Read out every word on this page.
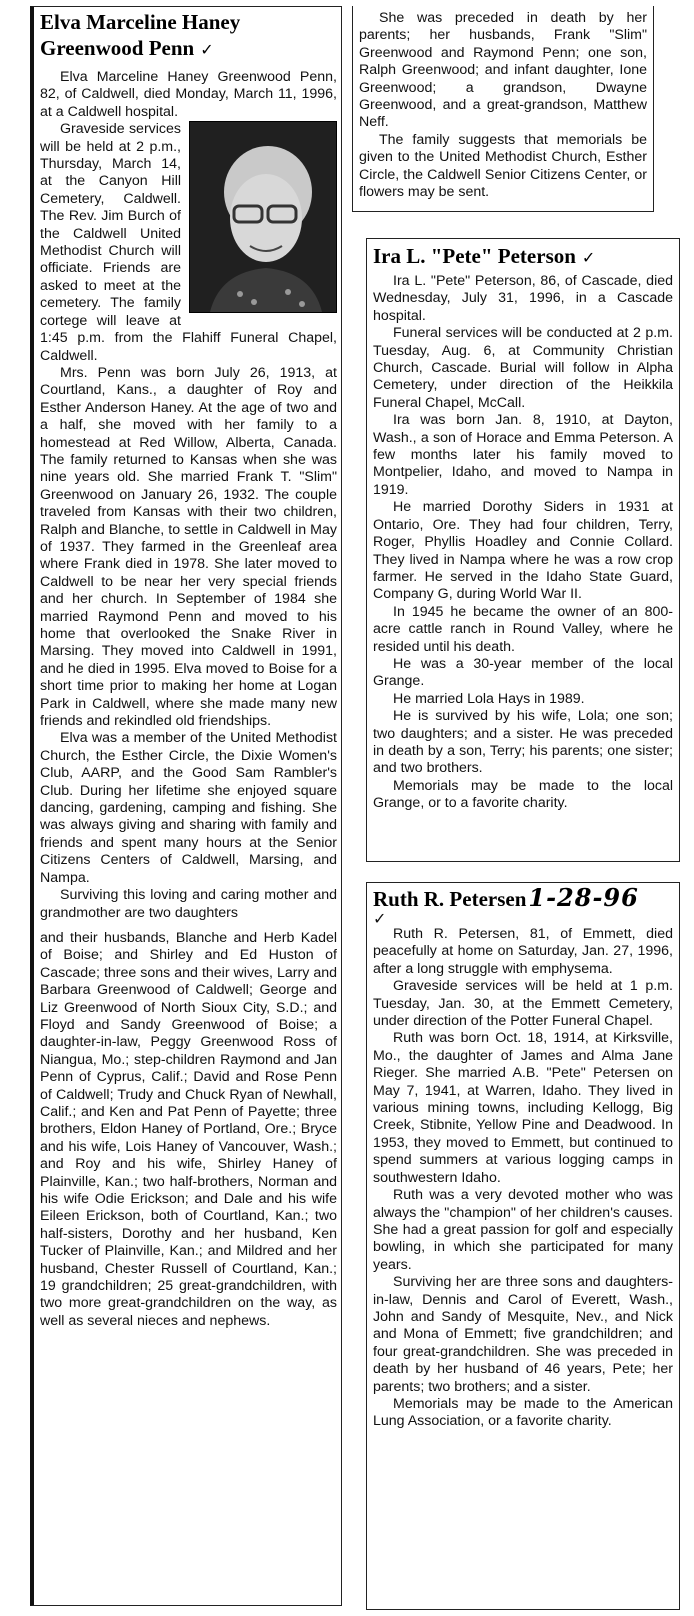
Elva Marceline Haney Greenwood Penn ✓

Elva Marceline Haney Greenwood Penn, 82, of Caldwell, died Monday, March 11, 1996, at a Caldwell hospital.

Graveside services will be held at 2 p.m., Thursday, March 14, at the Canyon Hill Cemetery, Caldwell. The Rev. Jim Burch of the Caldwell United Methodist Church will officiate. Friends are asked to meet at the cemetery. The family cortege will leave at 1:45 p.m. from the Flahiff Funeral Chapel, Caldwell.

Mrs. Penn was born July 26, 1913, at Courtland, Kans., a daughter of Roy and Esther Anderson Haney. At the age of two and a half, she moved with her family to a homestead at Red Willow, Alberta, Canada. The family returned to Kansas when she was nine years old. She married Frank T. "Slim" Greenwood on January 26, 1932. The couple traveled from Kansas with their two children, Ralph and Blanche, to settle in Caldwell in May of 1937. They farmed in the Greenleaf area where Frank died in 1978. She later moved to Caldwell to be near her very special friends and her church. In September of 1984 she married Raymond Penn and moved to his home that overlooked the Snake River in Marsing. They moved into Caldwell in 1991, and he died in 1995. Elva moved to Boise for a short time prior to making her home at Logan Park in Caldwell, where she made many new friends and rekindled old friendships.

Elva was a member of the United Methodist Church, the Esther Circle, the Dixie Women's Club, AARP, and the Good Sam Rambler's Club. During her lifetime she enjoyed square dancing, gardening, camping and fishing. She was always giving and sharing with family and friends and spent many hours at the Senior Citizens Centers of Caldwell, Marsing, and Nampa.

Surviving this loving and caring mother and grandmother are two daughters

and their husbands, Blanche and Herb Kadel of Boise; and Shirley and Ed Huston of Cascade; three sons and their wives, Larry and Barbara Greenwood of Caldwell; George and Liz Greenwood of North Sioux City, S.D.; and Floyd and Sandy Greenwood of Boise; a daughter-in-law, Peggy Greenwood Ross of Niangua, Mo.; step-children Raymond and Jan Penn of Cyprus, Calif.; David and Rose Penn of Caldwell; Trudy and Chuck Ryan of Newhall, Calif.; and Ken and Pat Penn of Payette; three brothers, Eldon Haney of Portland, Ore.; Bryce and his wife, Lois Haney of Vancouver, Wash.; and Roy and his wife, Shirley Haney of Plainville, Kan.; two half-brothers, Norman and his wife Odie Erickson; and Dale and his wife Eileen Erickson, both of Courtland, Kan.; two half-sisters, Dorothy and her husband, Ken Tucker of Plainville, Kan.; and Mildred and her husband, Chester Russell of Courtland, Kan.; 19 grandchildren; 25 great-grandchildren, with two more great-grandchildren on the way, as well as several nieces and nephews.

She was preceded in death by her parents; her husbands, Frank "Slim" Greenwood and Raymond Penn; one son, Ralph Greenwood; and infant daughter, Ione Greenwood; a grandson, Dwayne Greenwood, and a great-grandson, Matthew Neff.

The family suggests that memorials be given to the United Methodist Church, Esther Circle, the Caldwell Senior Citizens Center, or flowers may be sent.

Ira L. "Pete" Peterson ✓

Ira L. "Pete" Peterson, 86, of Cascade, died Wednesday, July 31, 1996, in a Cascade hospital.

Funeral services will be conducted at 2 p.m. Tuesday, Aug. 6, at Community Christian Church, Cascade. Burial will follow in Alpha Cemetery, under direction of the Heikkila Funeral Chapel, McCall.

Ira was born Jan. 8, 1910, at Dayton, Wash., a son of Horace and Emma Peterson. A few months later his family moved to Montpelier, Idaho, and moved to Nampa in 1919.

He married Dorothy Siders in 1931 at Ontario, Ore. They had four children, Terry, Roger, Phyllis Hoadley and Connie Collard. They lived in Nampa where he was a row crop farmer. He served in the Idaho State Guard, Company G, during World War II.

In 1945 he became the owner of an 800-acre cattle ranch in Round Valley, where he resided until his death.

He was a 30-year member of the local Grange.

He married Lola Hays in 1989.

He is survived by his wife, Lola; one son; two daughters; and a sister. He was preceded in death by a son, Terry; his parents; one sister; and two brothers.

Memorials may be made to the local Grange, or to a favorite charity.

Ruth R. Petersen1-28-96
✓

Ruth R. Petersen, 81, of Emmett, died peacefully at home on Saturday, Jan. 27, 1996, after a long struggle with emphysema.

Graveside services will be held at 1 p.m. Tuesday, Jan. 30, at the Emmett Cemetery, under direction of the Potter Funeral Chapel.

Ruth was born Oct. 18, 1914, at Kirksville, Mo., the daughter of James and Alma Jane Rieger. She married A.B. "Pete" Petersen on May 7, 1941, at Warren, Idaho. They lived in various mining towns, including Kellogg, Big Creek, Stibnite, Yellow Pine and Deadwood. In 1953, they moved to Emmett, but continued to spend summers at various logging camps in southwestern Idaho.

Ruth was a very devoted mother who was always the "champion" of her children's causes. She had a great passion for golf and especially bowling, in which she participated for many years.

Surviving her are three sons and daughters-in-law, Dennis and Carol of Everett, Wash., John and Sandy of Mesquite, Nev., and Nick and Mona of Emmett; five grandchildren; and four great-grandchildren. She was preceded in death by her husband of 46 years, Pete; her parents; two brothers; and a sister.

Memorials may be made to the American Lung Association, or a favorite charity.
